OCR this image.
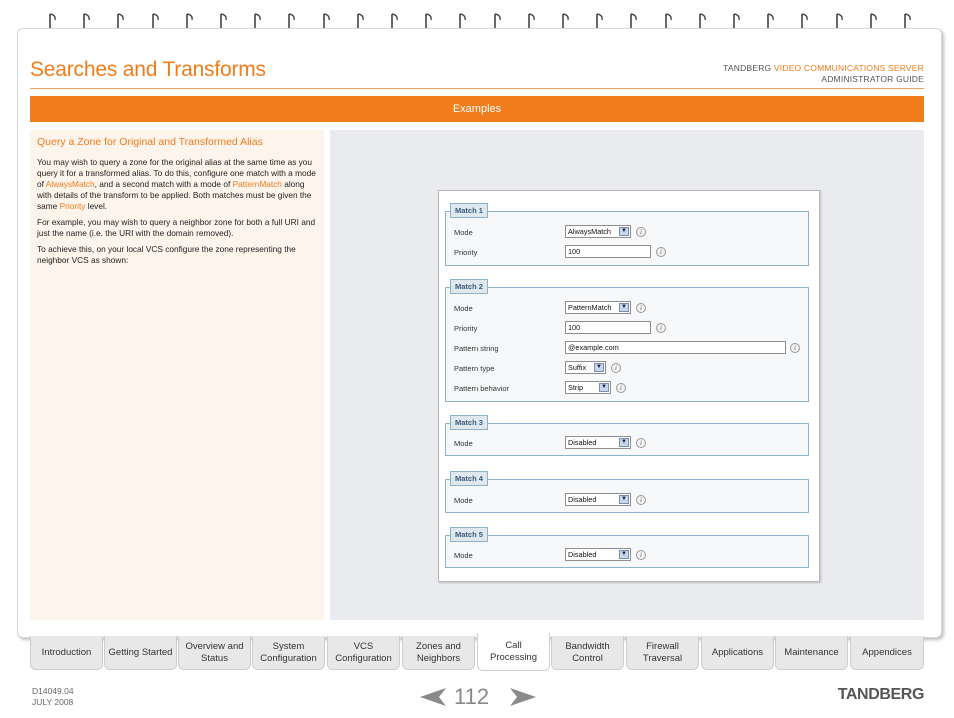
Searches and Transforms	TANDBERG VIDEO COMMUNICATIONS SERVER
ADMINISTRATOR GUIDE
Examples
Query a Zone for Original and Transformed Alias

You may wish to query a zone for the original alias at the same time as you query it for a transformed alias. To do this, configure one match with a mode of AlwaysMatch, and a second match with a mode of PatternMatch along with details of the transform to be applied. Both matches must be given the same Priority level.

For example, you may wish to query a neighbor zone for both a full URI and just the name (i.e. the URI with the domain removed).

To achieve this, on your local VCS configure the zone representing the neighbor VCS as shown:

Match 1
Mode	AlwaysMatch	▼	i
Priority	100	i
Match 2
Mode	PatternMatch	▼	i
Priority	100	i
Pattern string	@example.com	i
Pattern type	Suffix	▼	i
Pattern behavior	Strip	▼	i
Match 3
Mode	Disabled	▼	i
Match 4
Mode	Disabled	▼	i
Match 5
Mode	Disabled	▼	i
Introduction	Getting Started
Overview and Status
System Configuration
VCS Configuration
Zones and Neighbors
Call Processing
Bandwidth Control
Firewall Traversal
Applications	Maintenance	Appendices
D14049.04
JULY 2008	112	TANDBERG
